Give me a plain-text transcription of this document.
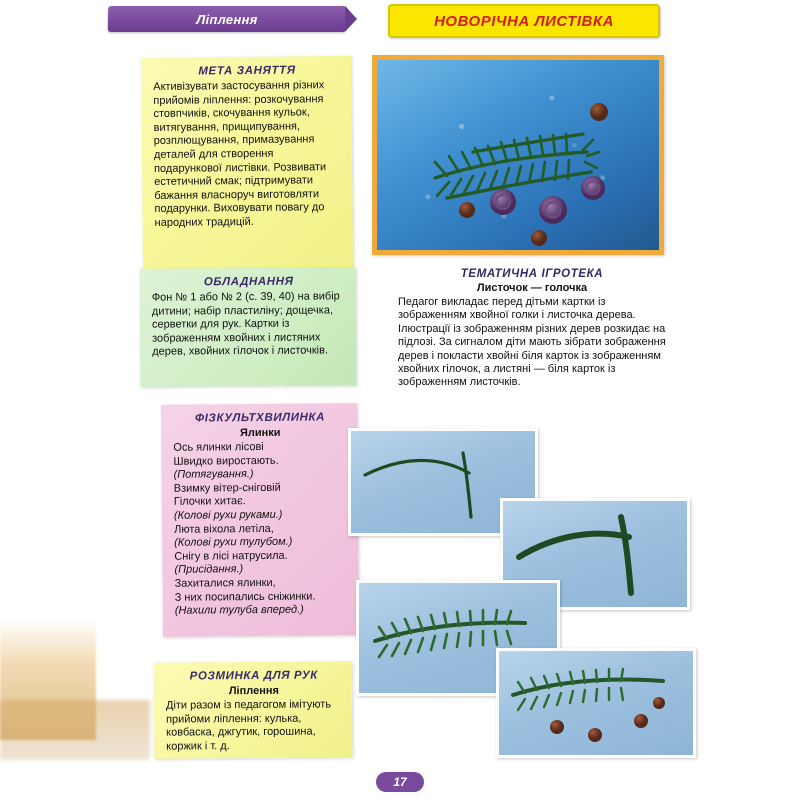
Ліплення	НОВОРІЧНА ЛИСТІВКА
МЕТА ЗАНЯТТЯ

Активізувати застосування різних прийомів ліплення: розкочування стовпчиків, скочування кульок, витягування, прищипування, розплющування, примазування деталей для створення подарункової листівки. Розвивати естетичний смак; підтримувати бажання власноруч виготовляти подарунки. Виховувати повагу до народних традицій.

ОБЛАДНАННЯ

Фон № 1 або № 2 (с. 39, 40) на вибір дитини; набір пластиліну; дощечка, серветки для рук. Картки із зображенням хвойних і листяних дерев, хвойних гілочок і листочків.

ТЕМАТИЧНА ІГРОТЕКА
Листочок — голочка

Педагог викладає перед дітьми картки із зображенням хвойної голки і листочка дерева. Ілюстрації із зображенням різних дерев розкидає на підлозі. За сигналом діти мають зібрати зображення дерев і покласти хвойні біля карток із зображенням хвойних гілочок, а листяні — біля карток із зображенням листочків.

ФІЗКУЛЬТХВИЛИНКА
Ялинки
Ось ялинки лісові
Швидко виростають.
(Потягування.)
Взимку вітер-сніговій
Гілочки хитає.
(Колові рухи руками.)
Люта віхола летіла,
(Колові рухи тулубом.)
Снігу в лісі натрусила.
(Присідання.)
Захиталися ялинки,
З них посипались сніжинки.
(Нахили тулуба вперед.)
РОЗМИНКА ДЛЯ РУК
Ліплення

Діти разом із педагогом імітують прийоми ліплення: кулька, ковбаска, джгутик, горошина, коржик і т. д.

17
